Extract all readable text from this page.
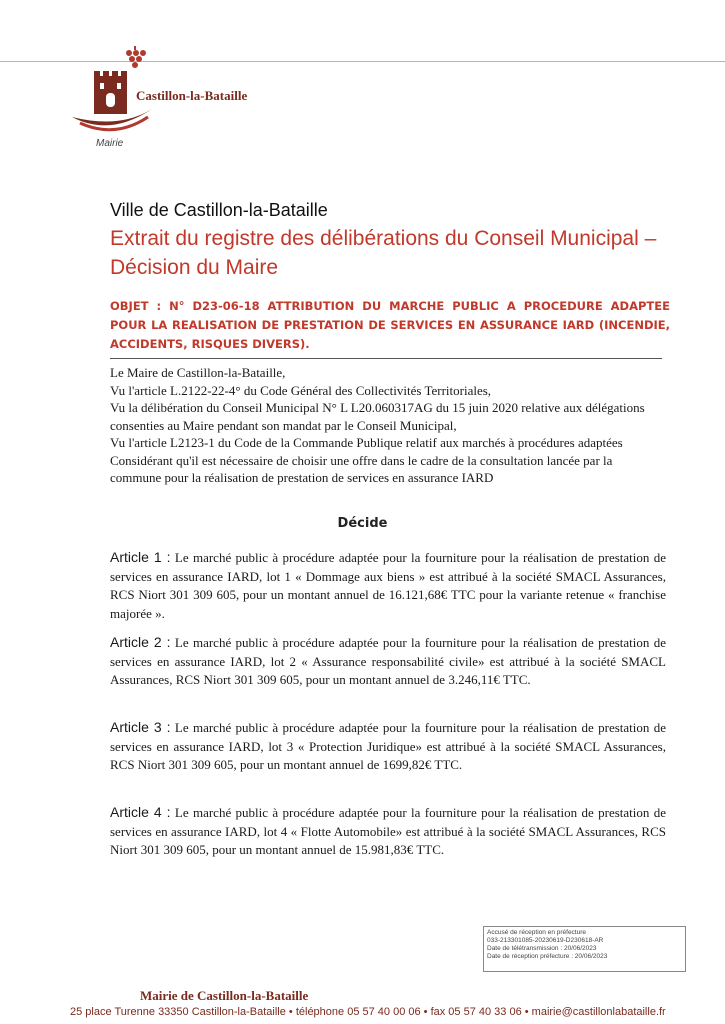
Castillon-la-Bataille
Mairie
Ville de Castillon-la-Bataille
Extrait du registre des délibérations du Conseil Municipal – Décision du Maire
OBJET : N° D23-06-18 ATTRIBUTION DU MARCHE PUBLIC A PROCEDURE ADAPTEE POUR LA REALISATION DE PRESTATION DE SERVICES EN ASSURANCE IARD (INCENDIE, ACCIDENTS, RISQUES DIVERS).

Le Maire de Castillon-la-Bataille,

Vu l'article L.2122-22-4° du Code Général des Collectivités Territoriales,

Vu la délibération du Conseil Municipal N° L L20.060317AG du 15 juin 2020 relative aux délégations consenties au Maire pendant son mandat par le Conseil Municipal,

Vu l'article L2123-1 du Code de la Commande Publique relatif aux marchés à procédures adaptées

Considérant qu'il est nécessaire de choisir une offre dans le cadre de la consultation lancée par la commune pour la réalisation de prestation de services en assurance IARD

Décide
Article 1 : Le marché public à procédure adaptée pour la fourniture pour la réalisation de prestation de services en assurance IARD, lot 1 « Dommage aux biens » est attribué à la société SMACL Assurances, RCS Niort 301 309 605, pour un montant annuel de 16.121,68€ TTC pour la variante retenue « franchise majorée ».
Article 2 : Le marché public à procédure adaptée pour la fourniture pour la réalisation de prestation de services en assurance IARD, lot 2 « Assurance responsabilité civile» est attribué à la société SMACL Assurances, RCS Niort 301 309 605, pour un montant annuel de 3.246,11€ TTC.
Article 3 : Le marché public à procédure adaptée pour la fourniture pour la réalisation de prestation de services en assurance IARD, lot 3 « Protection Juridique» est attribué à la société SMACL Assurances, RCS Niort 301 309 605, pour un montant annuel de 1699,82€ TTC.
Article 4 : Le marché public à procédure adaptée pour la fourniture pour la réalisation de prestation de services en assurance IARD, lot 4 « Flotte Automobile» est attribué à la société SMACL Assurances, RCS Niort 301 309 605, pour un montant annuel de 15.981,83€ TTC.
Accusé de réception en préfecture
033-213301085-20230619-D230618-AR
Date de télétransmission : 20/06/2023
Date de réception préfecture : 20/06/2023
Mairie de Castillon-la-Bataille
25 place Turenne 33350 Castillon-la-Bataille • téléphone 05 57 40 00 06 • fax 05 57 40 33 06 • mairie@castillonlabataille.fr
